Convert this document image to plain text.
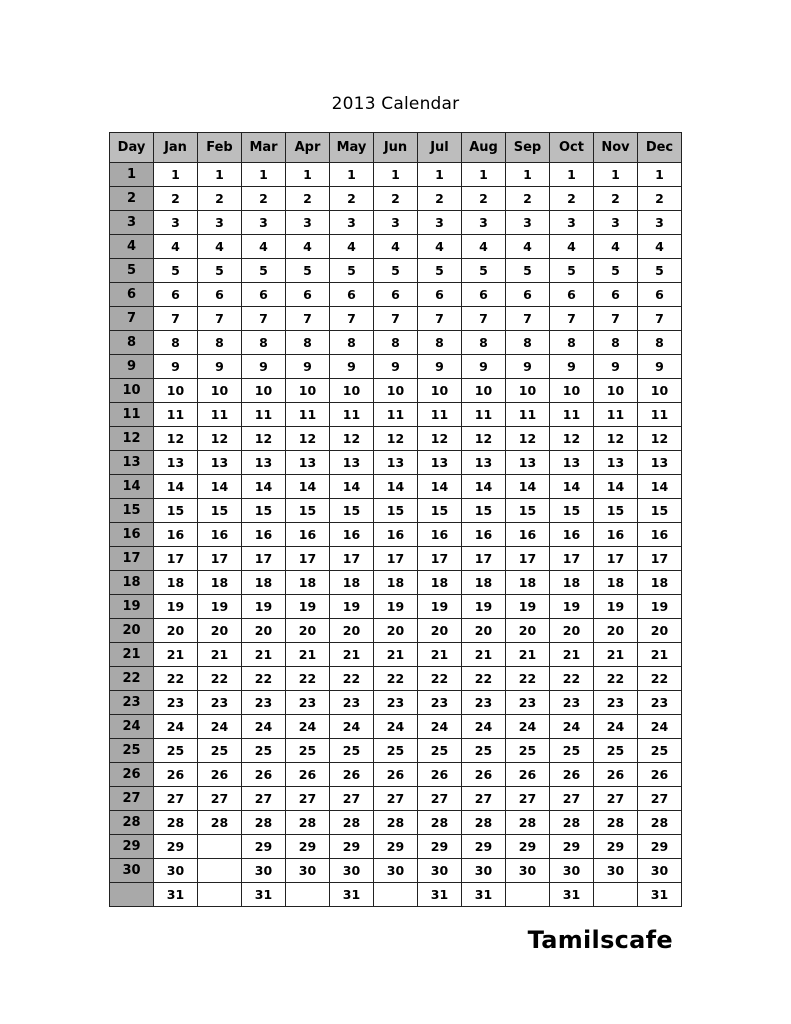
2013 Calendar
Day	Jan	Feb	Mar	Apr	May	Jun	Jul	Aug	Sep	Oct	Nov	Dec
1	1	1	1	1	1	1	1	1	1	1	1	1
2	2	2	2	2	2	2	2	2	2	2	2	2
3	3	3	3	3	3	3	3	3	3	3	3	3
4	4	4	4	4	4	4	4	4	4	4	4	4
5	5	5	5	5	5	5	5	5	5	5	5	5
6	6	6	6	6	6	6	6	6	6	6	6	6
7	7	7	7	7	7	7	7	7	7	7	7	7
8	8	8	8	8	8	8	8	8	8	8	8	8
9	9	9	9	9	9	9	9	9	9	9	9	9
10	10	10	10	10	10	10	10	10	10	10	10	10
11	11	11	11	11	11	11	11	11	11	11	11	11
12	12	12	12	12	12	12	12	12	12	12	12	12
13	13	13	13	13	13	13	13	13	13	13	13	13
14	14	14	14	14	14	14	14	14	14	14	14	14
15	15	15	15	15	15	15	15	15	15	15	15	15
16	16	16	16	16	16	16	16	16	16	16	16	16
17	17	17	17	17	17	17	17	17	17	17	17	17
18	18	18	18	18	18	18	18	18	18	18	18	18
19	19	19	19	19	19	19	19	19	19	19	19	19
20	20	20	20	20	20	20	20	20	20	20	20	20
21	21	21	21	21	21	21	21	21	21	21	21	21
22	22	22	22	22	22	22	22	22	22	22	22	22
23	23	23	23	23	23	23	23	23	23	23	23	23
24	24	24	24	24	24	24	24	24	24	24	24	24
25	25	25	25	25	25	25	25	25	25	25	25	25
26	26	26	26	26	26	26	26	26	26	26	26	26
27	27	27	27	27	27	27	27	27	27	27	27	27
28	28	28	28	28	28	28	28	28	28	28	28	28
29	29		29	29	29	29	29	29	29	29	29	29
30	30		30	30	30	30	30	30	30	30	30	30
	31		31		31		31	31		31		31
Tamilscafe
